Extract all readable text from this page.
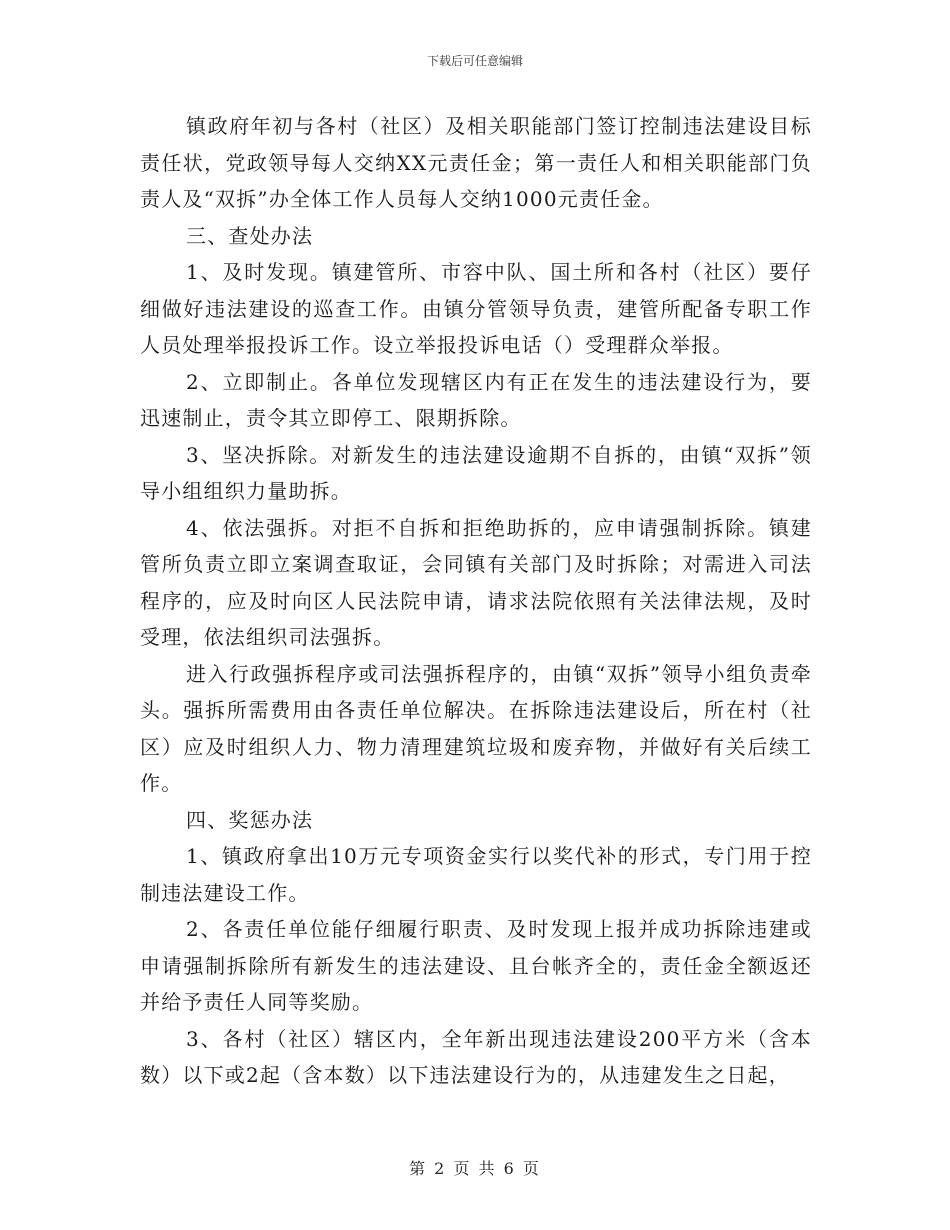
下载后可任意编辑

镇政府年初与各村（社区）及相关职能部门签订控制违法建设目标责任状，党政领导每人交纳XX元责任金；第一责任人和相关职能部门负责人及“双拆”办全体工作人员每人交纳1000元责任金。

三、查处办法

1、及时发现。镇建管所、市容中队、国土所和各村（社区）要仔细做好违法建设的巡查工作。由镇分管领导负责，建管所配备专职工作人员处理举报投诉工作。设立举报投诉电话（）受理群众举报。

2、立即制止。各单位发现辖区内有正在发生的违法建设行为，要迅速制止，责令其立即停工、限期拆除。

3、坚决拆除。对新发生的违法建设逾期不自拆的，由镇“双拆”领导小组组织力量助拆。

4、依法强拆。对拒不自拆和拒绝助拆的，应申请强制拆除。镇建管所负责立即立案调查取证，会同镇有关部门及时拆除；对需进入司法程序的，应及时向区人民法院申请，请求法院依照有关法律法规，及时受理，依法组织司法强拆。

进入行政强拆程序或司法强拆程序的，由镇“双拆”领导小组负责牵头。强拆所需费用由各责任单位解决。在拆除违法建设后，所在村（社区）应及时组织人力、物力清理建筑垃圾和废弃物，并做好有关后续工作。

四、奖惩办法

1、镇政府拿出10万元专项资金实行以奖代补的形式，专门用于控制违法建设工作。

2、各责任单位能仔细履行职责、及时发现上报并成功拆除违建或申请强制拆除所有新发生的违法建设、且台帐齐全的，责任金全额返还并给予责任人同等奖励。

3、各村（社区）辖区内，全年新出现违法建设200平方米（含本数）以下或2起（含本数）以下违法建设行为的，从违建发生之日起，

第 2 页 共 6 页
